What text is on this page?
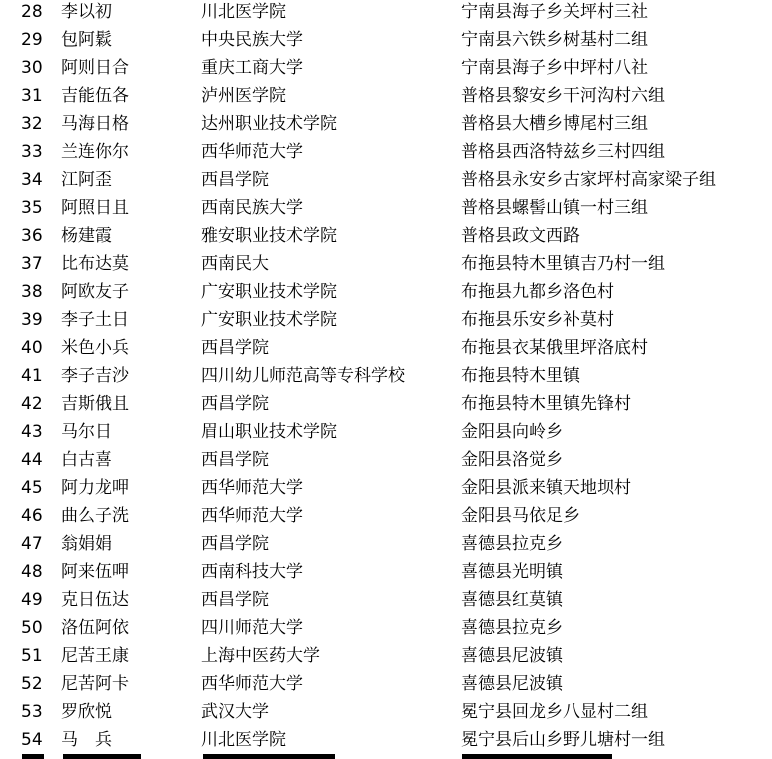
28	李以初	川北医学院	宁南县海子乡关坪村三社
29	包阿鬏	中央民族大学	宁南县六铁乡树基村二组
30	阿则日合	重庆工商大学	宁南县海子乡中坪村八社
31	吉能伍各	泸州医学院	普格县黎安乡干河沟村六组
32	马海日格	达州职业技术学院	普格县大槽乡博尾村三组
33	兰连你尔	西华师范大学	普格县西洛特兹乡三村四组
34	江阿歪	西昌学院	普格县永安乡古家坪村高家梁子组
35	阿照日且	西南民族大学	普格县螺髻山镇一村三组
36	杨建霞	雅安职业技术学院	普格县政文西路
37	比布达莫	西南民大	布拖县特木里镇吉乃村一组
38	阿欧友子	广安职业技术学院	布拖县九都乡洛色村
39	李子土日	广安职业技术学院	布拖县乐安乡补莫村
40	米色小兵	西昌学院	布拖县衣某俄里坪洛底村
41	李子吉沙	四川幼儿师范高等专科学校	布拖县特木里镇
42	吉斯俄且	西昌学院	布拖县特木里镇先锋村
43	马尔日	眉山职业技术学院	金阳县向岭乡
44	白古喜	西昌学院	金阳县洛觉乡
45	阿力龙呷	西华师范大学	金阳县派来镇天地坝村
46	曲么子洗	西华师范大学	金阳县马依足乡
47	翁娟娟	西昌学院	喜德县拉克乡
48	阿来伍呷	西南科技大学	喜德县光明镇
49	克日伍达	西昌学院	喜德县红莫镇
50	洛伍阿依	四川师范大学	喜德县拉克乡
51	尼苦王康	上海中医药大学	喜德县尼波镇
52	尼苦阿卡	西华师范大学	喜德县尼波镇
53	罗欣悦	武汉大学	冕宁县回龙乡八显村二组
54	马　兵	川北医学院	冕宁县后山乡野儿塘村一组
